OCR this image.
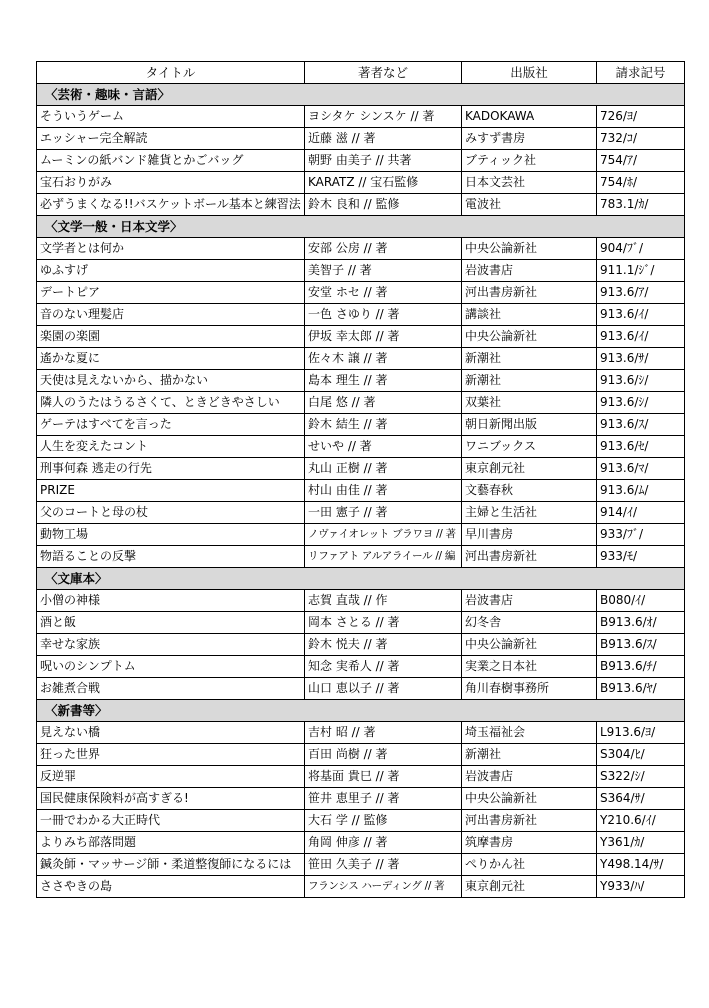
タイトル	著者など	出版社	請求記号
〈芸術・趣味・言語〉			
そういうゲーム	ヨシタケ シンスケ // 著	KADOKAWA	726/ﾖ/
エッシャー完全解読	近藤 滋 // 著	みすず書房	732/ｺ/
ムーミンの紙バンド雑貨とかごバッグ	朝野 由美子 // 共著	ブティック社	754/ｱ/
宝石おりがみ	KARATZ // 宝石監修	日本文芸社	754/ﾎ/
必ずうまくなる!!バスケットボール基本と練習法	鈴木 良和 // 監修	電波社	783.1/ｶ/
〈文学一般・日本文学〉			
文学者とは何か	安部 公房 // 著	中央公論新社	904/ﾌﾞ/
ゆふすげ	美智子 // 著	岩波書店	911.1/ｼﾞ/
デートピア	安堂 ホセ // 著	河出書房新社	913.6/ｱ/
音のない理髪店	一色 さゆり // 著	講談社	913.6/ｲ/
楽園の楽園	伊坂 幸太郎 // 著	中央公論新社	913.6/ｲ/
遙かな夏に	佐々木 譲 // 著	新潮社	913.6/ｻ/
天使は見えないから、描かない	島本 理生 // 著	新潮社	913.6/ｼ/
隣人のうたはうるさくて、ときどきやさしい	白尾 悠 // 著	双葉社	913.6/ｼ/
ゲーテはすべてを言った	鈴木 結生 // 著	朝日新聞出版	913.6/ｽ/
人生を変えたコント	せいや // 著	ワニブックス	913.6/ｾ/
刑事何森 逃走の行先	丸山 正樹 // 著	東京創元社	913.6/ﾏ/
PRIZE	村山 由佳 // 著	文藝春秋	913.6/ﾑ/
父のコートと母の杖	一田 憲子 // 著	主婦と生活社	914/ｲ/
動物工場	ノヴァイオレット ブラワヨ // 著	早川書房	933/ﾌﾞ/
物語ることの反撃	リファアト アルアライール // 編	河出書房新社	933/ﾓ/
〈文庫本〉			
小僧の神様	志賀 直哉 // 作	岩波書店	B080/ｲ/
酒と飯	岡本 さとる // 著	幻冬舎	B913.6/ｵ/
幸せな家族	鈴木 悦夫 // 著	中央公論新社	B913.6/ｽ/
呪いのシンプトム	知念 実希人 // 著	実業之日本社	B913.6/ﾁ/
お雑煮合戦	山口 恵以子 // 著	角川春樹事務所	B913.6/ﾔ/
〈新書等〉			
見えない橋	吉村 昭 // 著	埼玉福祉会	L913.6/ﾖ/
狂った世界	百田 尚樹 // 著	新潮社	S304/ﾋ/
反逆罪	将基面 貴巳 // 著	岩波書店	S322/ｼ/
国民健康保険料が高すぎる!	笹井 恵里子 // 著	中央公論新社	S364/ｻ/
一冊でわかる大正時代	大石 学 // 監修	河出書房新社	Y210.6/ｲ/
よりみち部落問題	角岡 伸彦 // 著	筑摩書房	Y361/ｶ/
鍼灸師・マッサージ師・柔道整復師になるには	笹田 久美子 // 著	ぺりかん社	Y498.14/ｻ/
ささやきの島	フランシス ハーディング // 著	東京創元社	Y933/ﾊ/
